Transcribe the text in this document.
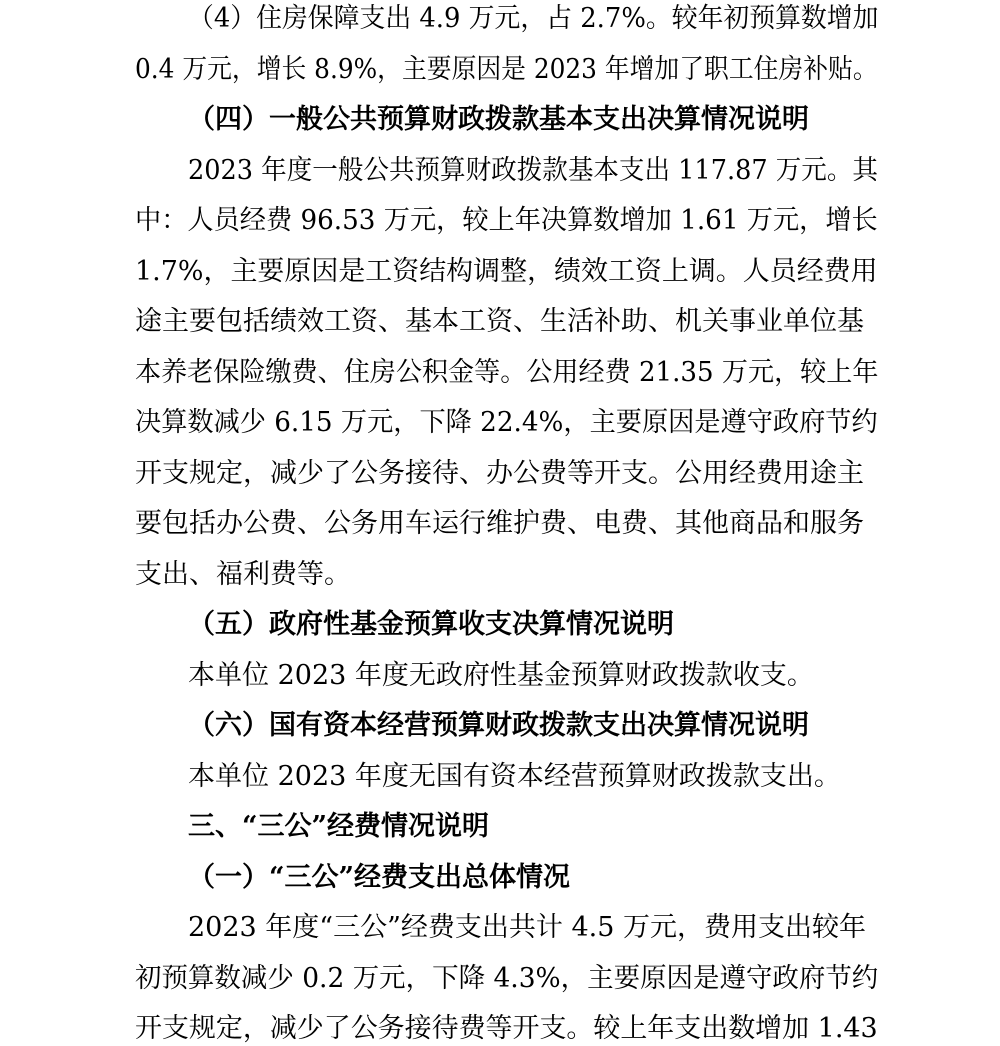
（4）住房保障支出 4.9 万元，占 2.7%。较年初预算数增加
0.4 万元，增长 8.9%，主要原因是 2023 年增加了职工住房补贴。
（四）一般公共预算财政拨款基本支出决算情况说明
2023 年度一般公共预算财政拨款基本支出 117.87 万元。其
中：人员经费 96.53 万元，较上年决算数增加 1.61 万元，增长
1.7%，主要原因是工资结构调整，绩效工资上调。人员经费用
途主要包括绩效工资、基本工资、生活补助、机关事业单位基
本养老保险缴费、住房公积金等。公用经费 21.35 万元，较上年
决算数减少 6.15 万元，下降 22.4%，主要原因是遵守政府节约
开支规定，减少了公务接待、办公费等开支。公用经费用途主
要包括办公费、公务用车运行维护费、电费、其他商品和服务
支出、福利费等。
（五）政府性基金预算收支决算情况说明
本单位 2023 年度无政府性基金预算财政拨款收支。
（六）国有资本经营预算财政拨款支出决算情况说明
本单位 2023 年度无国有资本经营预算财政拨款支出。
三、“三公”经费情况说明
（一）“三公”经费支出总体情况
2023 年度“三公”经费支出共计 4.5 万元，费用支出较年
初预算数减少 0.2 万元，下降 4.3%，主要原因是遵守政府节约
开支规定，减少了公务接待费等开支。较上年支出数增加 1.43
